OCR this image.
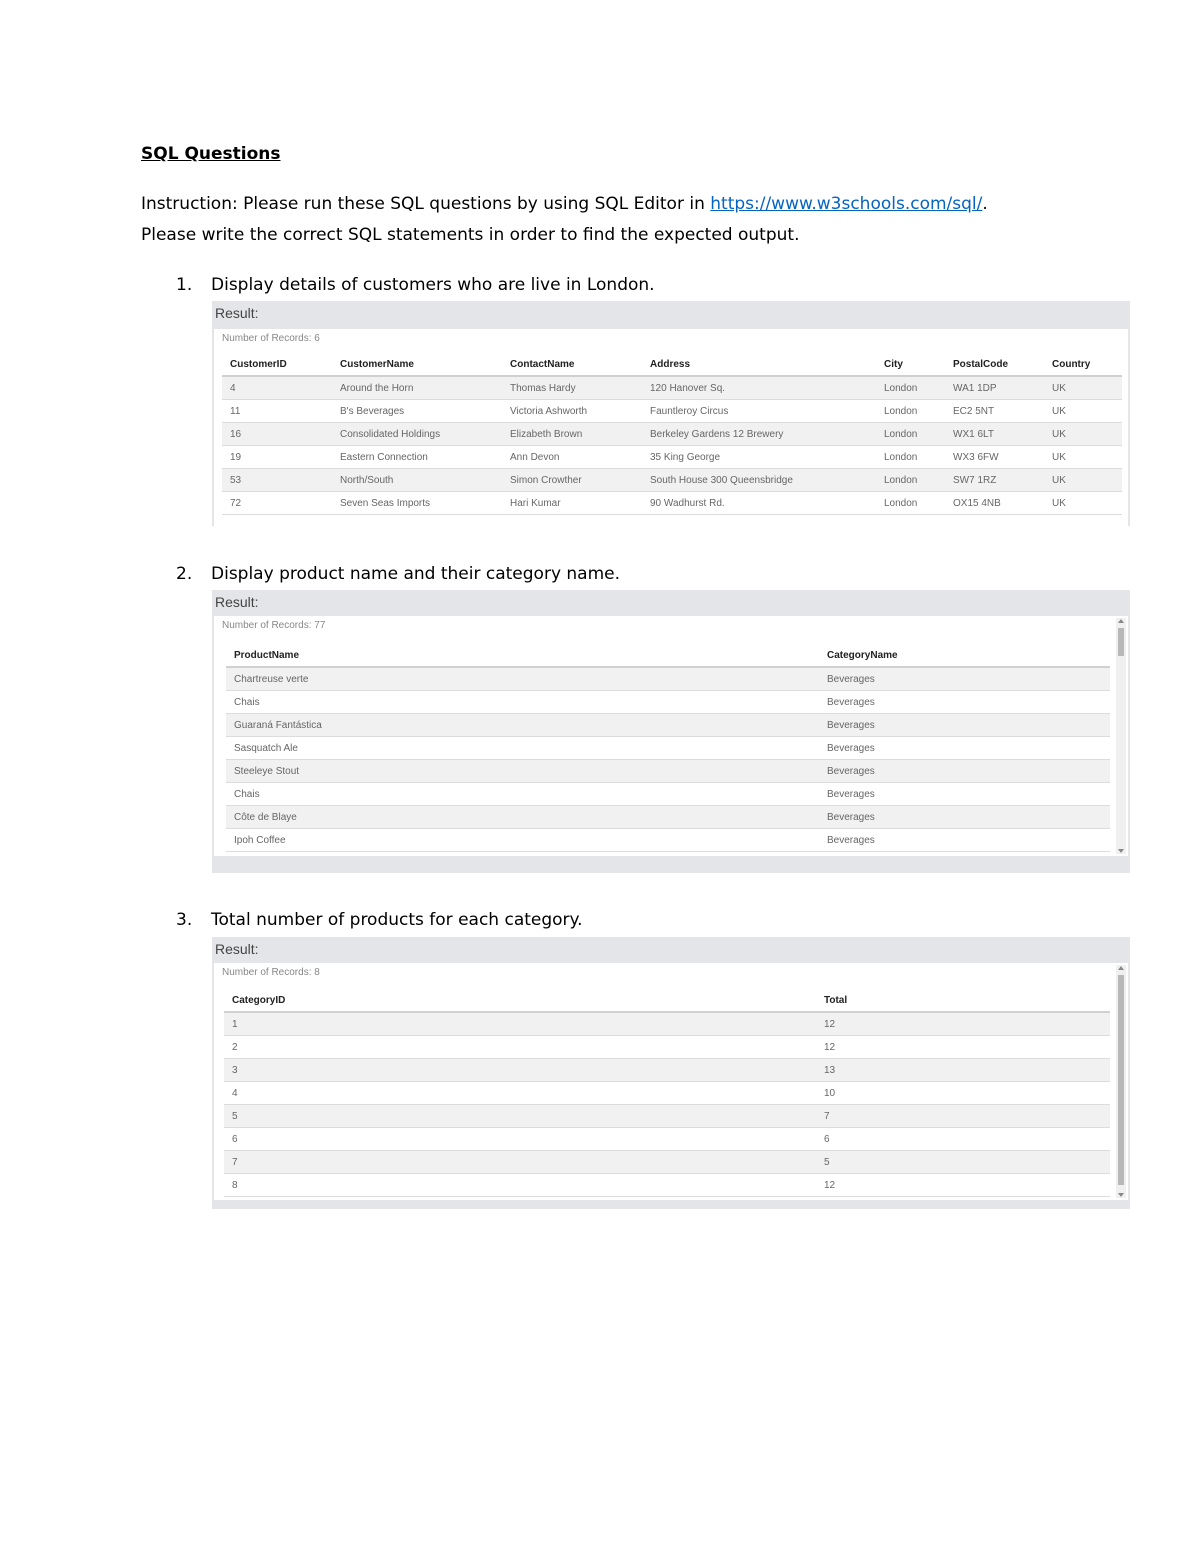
SQL Questions
Instruction: Please run these SQL questions by using SQL Editor in https://www.w3schools.com/sql/.
Please write the correct SQL statements in order to find the expected output.
1. Display details of customers who are live in London.
Result:
Number of Records: 6
CustomerID	CustomerName	ContactName	Address	City	PostalCode	Country
4	Around the Horn	Thomas Hardy	120 Hanover Sq.	London	WA1 1DP	UK
11	B's Beverages	Victoria Ashworth	Fauntleroy Circus	London	EC2 5NT	UK
16	Consolidated Holdings	Elizabeth Brown	Berkeley Gardens 12 Brewery	London	WX1 6LT	UK
19	Eastern Connection	Ann Devon	35 King George	London	WX3 6FW	UK
53	North/South	Simon Crowther	South House 300 Queensbridge	London	SW7 1RZ	UK
72	Seven Seas Imports	Hari Kumar	90 Wadhurst Rd.	London	OX15 4NB	UK
2. Display product name and their category name.
Result:
Number of Records: 77
ProductName	CategoryName
Chartreuse verte	Beverages
Chais	Beverages
Guaraná Fantástica	Beverages
Sasquatch Ale	Beverages
Steeleye Stout	Beverages
Chais	Beverages
Côte de Blaye	Beverages
Ipoh Coffee	Beverages
3. Total number of products for each category.
Result:
Number of Records: 8
CategoryID	Total
1	12
2	12
3	13
4	10
5	7
6	6
7	5
8	12
